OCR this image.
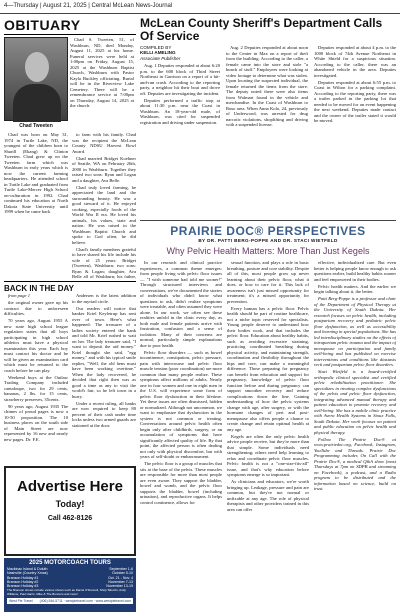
4—Thursday | August 21, 2025 | Central McLean News-Journal
OBITUARY
Chad Tweeten

Chad S. Tweeten, 51, of Washburn, ND, died Monday, August 11, 2025 at his home. Funeral services were held at 1:00pm on Friday, August 15, 2025 at the Washburn Baptist Church, Washburn with Pastor Kayla Buckley officiating. Burial will be in the Riverview Lake Cemetery. There will be a remembrance service at 7:00pm on Thursday, August 14, 2025 at the church.

Chad was born on May 31, 1974 in Turtle Lake, ND, the youngest of the children born to Sharill (Ekang) & Clinton Tweeten. Chad grew up on the Tweeten farm which was Washburn in early years which is now the current farming headquarters. He attended school in Turtle Lake and graduated from Turtle Lake-Mercer High School on-culturation in 1992. Chad continued his education at North Dakota State University until 1999 when he came back

to farm with his family. Chad was the recipient the McLean County NDSU Harvest Bowl Award.

Chad married Bridget Koehner of Seattle, WA on February 26th, 2000 in Washburn. Together they raised two sons: Ryan and Logan and a daughter, Ava Belle.

Chad truly loved farming, he appreciated the land and the surrounding beauty. He was a good steward of it. He enjoyed cooking, especially foods of the World War II era. He loved his animals, his values, state and nation. He was raised in the Washburn Baptist Church and spoke to God often, he did believe.

Chad's family members grateful to have shared his life include his wife of 25 years: Bridget (Tweeten), Washburn; two sons: Ryan & Logan; daughter, Ava Belle all of Washburn; his father,

BACK IN THE DAY

from page 1

the original owner gave up his contract due to unforeseen difficulties.

70 years ago, August 1955 A new state high school league regulation states that all boys participating in high school athletics must have a physical examination this year. Each boy must contact his doctor and he will be given an examination card which must be returned to the coach before he can play.

Weekend buys at the Outlaw Trading Company included cantaloupe, two for 29 cents, bananas, 2 lbs. for 15 cents, strawberry preserves, 35cents.

90 years ago, August 1935 The chimes of proud pages is now a 10-50 proposition. The 10 business places on the south side of Main Street are now represented by 16 new and nearly new pages. Dr. F.E.

Andersen is the latest addition to the myriad circle.

Our readers will notice that banker Kriel Keyletrup has sent over of town. Here's what happened: The treasurer of a ladies society entered the bank and told Mr. Kriel rushed to wait on her. The lady treasurer said, "I want to deposit the aid money." Kriel thought she said, "egg money," and with his typical smile replies, "Well, the old hens must have been working overtime." When the lady recovered, he decided that right then was as good a time as any to visit the world's fair, so he left town in a hurry.

Under a recent ruling, all banks are now required to keep 80 percent of their cash under time locks unless two armed guards are stationed at the door.

Advertise Here
Today!
Call 462-8126
2025 MOTORCOACH TOURS
Mackinac Island & Duluth	September 1-6
Nashville (Country Xmas)	October 5-10
Branson Holiday #1	Oct. 21 - Nov. 4
Branson Holiday #2	November 7-13
Branson Holiday #3	November 13-19
The Branson shows include various shows such as Daniel O'Donnell, Shoji Tabuchi, Andy Williams, Paul Harris, Mike & The Bonners and more!
West Pie Travel (406) 546-5711 · westpietravel.com · www.westpietravel.com
McLean County Sheriff's Department Calls Of Service
COMPILED BY
KELLI AMELING
Associate Publisher

Aug. 1 Deputies responded at about 6:20 p.m. to the 600 block of Third Street Northeast in Garrison on a report of a hit-and-run crash. According to the reporting party, a neighbor hit their boat and drove off. Deputies are investigating the incident.

Deputies performed a traffic stop at about 11:30 p.m. near the Coast in Washburn. An 18-year-old male, of Washburn, was cited for suspended registration and driving under suspension.

Aug. 2 Deputies responded at about noon to the Center in Max on a report of theft from the building. According to the caller, a female came into the store and stole "a bunch of stuff." Employees were looking at video footage to determine what was stolen. Upon locating the suspected individual, the female returned the items from the store. The deputy noted there were also items from Walmart found in the vehicle and merchandise. In the Coast of Washburn to Ruso area. When Anna Kolo, 24, previously of Underwood, was arrested for drug narcotic violations, shoplifting and driving with a suspended license.

Deputies responded at about 4 p.m. to the 1000 block of 74th Avenue Northeast in White Shield for a suspicious situation. According to the caller, there was an abandoned vehicle in the area. Deputies investigated.

Deputies responded at about 6:55 p.m. to Coast in Wilton for a parking complaint. According to the reporting party, there was a trailer parked in the parking lot that needed to be moved for an event happening the next weekend. Deputies made contact and the owner of the trailer stated it would be moved.

PRAIRIE DOC® PERSPECTIVES
BY DR. PATTI BERG-POPPE AND DR. STACI WIETFELD
Why Pelvic Health Matters: More Than Just Kegels

In our research and clinical practice experiences, a common theme emerges: from people living with pelvic floor issues — "I wish someone had told me sooner!" Through structured interviews and conversations, we've documented the stories of individuals who didn't know what questions to ask, didn't realize symptoms were treatable, and often assumed they were alone. In our work, we often see these realities unfold in the clinic every day, as both male and female patients arrive with frustration, confusion and a sense of isolation. Many of their concerns are normal, particularly simple explanations due to poor health.

Pelvic floor disorders — such as bowel incontinence, constipation, pelvic pressure, pain with intercourse and pelvic floor muscle tension (poor coordination) are more common than many people realize. These symptoms affect millions of adults. Nearly one in four women and one in eight men in the U.S. will experience some form of pelvic floor dysfunction in their lifetime. Yet these issues are often dismissed, hidden or normalized. Although not uncommon, we want to emphasize that dysfunction in the system is not common or treating. Conversations around pelvic health often begin only after childbirth, surgery, or an accumulation of symptoms that have significantly affected quality of life. By that point, the affected person is often dealing not only with physical discomfort, but with years of self-doubt or embarrassment.

The pelvic floor is a group of muscles that sits at the base of the pelvis. These muscles are responsible for more than most people are even aware. They support the bladder, bowel and womb, and the pelvic floor supports the bladder, bowel (including urination), and reproductive organs. It helps control continence, allows for

sexual function, and plays a role in basic breathing, posture and core stability. Despite all of this, most people grow up never learning about their pelvic floor, what it does, or how to care for it. This lack of awareness isn't just missed opportunity for treatment; it's a missed opportunity for prevention.

Every human has a pelvic floor. Pelvic health should be part of routine healthcare, not a niche topic reserved for specialists. Young people deserve to understand how their bodies work, and that includes the pelvic floor. Education about healthy habits, such as avoiding excessive straining, practicing coordinated breathing during physical activity, and maintaining strength, coordination and flexibility throughout the hips and core, can make a meaningful difference. Those preparing for pregnancy can benefit from education and support for pregnancy, knowledge of pelvic floor function before and during pregnancy can support smoother recovery and reduce complications down the line. Gaining understanding of how the pelvic systems change with age, after surgery, or with the hormone changes of peri and post-menopause also offers people a chance to create change and retain optimal health at any age.

Kegels are often the only pelvic health advice people receive, but they're more than that simple. Some individuals need strengthening; others need help learning to relax and coordinate pelvic floor muscles. Pelvic health is not a "one-size-fits-all" issue, and that's why education before symptoms emerge is so important.

As clinicians and educators, we're worth bringing up. Leakage, pressure and pain are common, but they're not normal or unfixable at any age. The role of physical therapists and other providers trained in this area can offer

effective, individualized care. But even better is helping people know enough to ask questions earlier, build healthy habits sooner and feel empowered in their bodies.

Pelvic health matters. And the earlier we begin talking about it, the better.

Patti Berg-Poppe is a professor and chair of the Department of Physical Therapy at the University of South Dakota. Her research focuses on pelvic health, including postpartum recovery and pediatric pelvic floor dysfunction, as well as accessibility and learning in special populations. She has led interdisciplinary studies on the effects of intrapartum pelvic trauma and the impact of menopause on participation and family well-being and has published on exercise interventions and conditions like diastasis recti and postpartum pelvic floor disorders.

Staci Wietfeld is a board-certified orthopedic clinical specialist and certified pelvic rehabilitation practitioner. She specializes in treating complex dysfunctions of the pelvis and pelvic floor dysfunction, integrating advanced manual therapy and patient education to promote recovery and well-being. She has a mobile clinic practice with Avera Health Systems in Sioux Falls, South Dakota. Her work focuses on patient and public education on pelvic health and physical therapy.

Follow The Prairie Doc® at www.prairiedoc.org, Facebook, Instagram, YouTube and Threads. Prairie Doc Programming includes On Call with the Prairie Doc®, a medical Q&A show (most Thursdays at 7pm on SDPB and streaming on Facebook), a podcast, and a Radio program to be distributed and the information based on science, build on trust.
